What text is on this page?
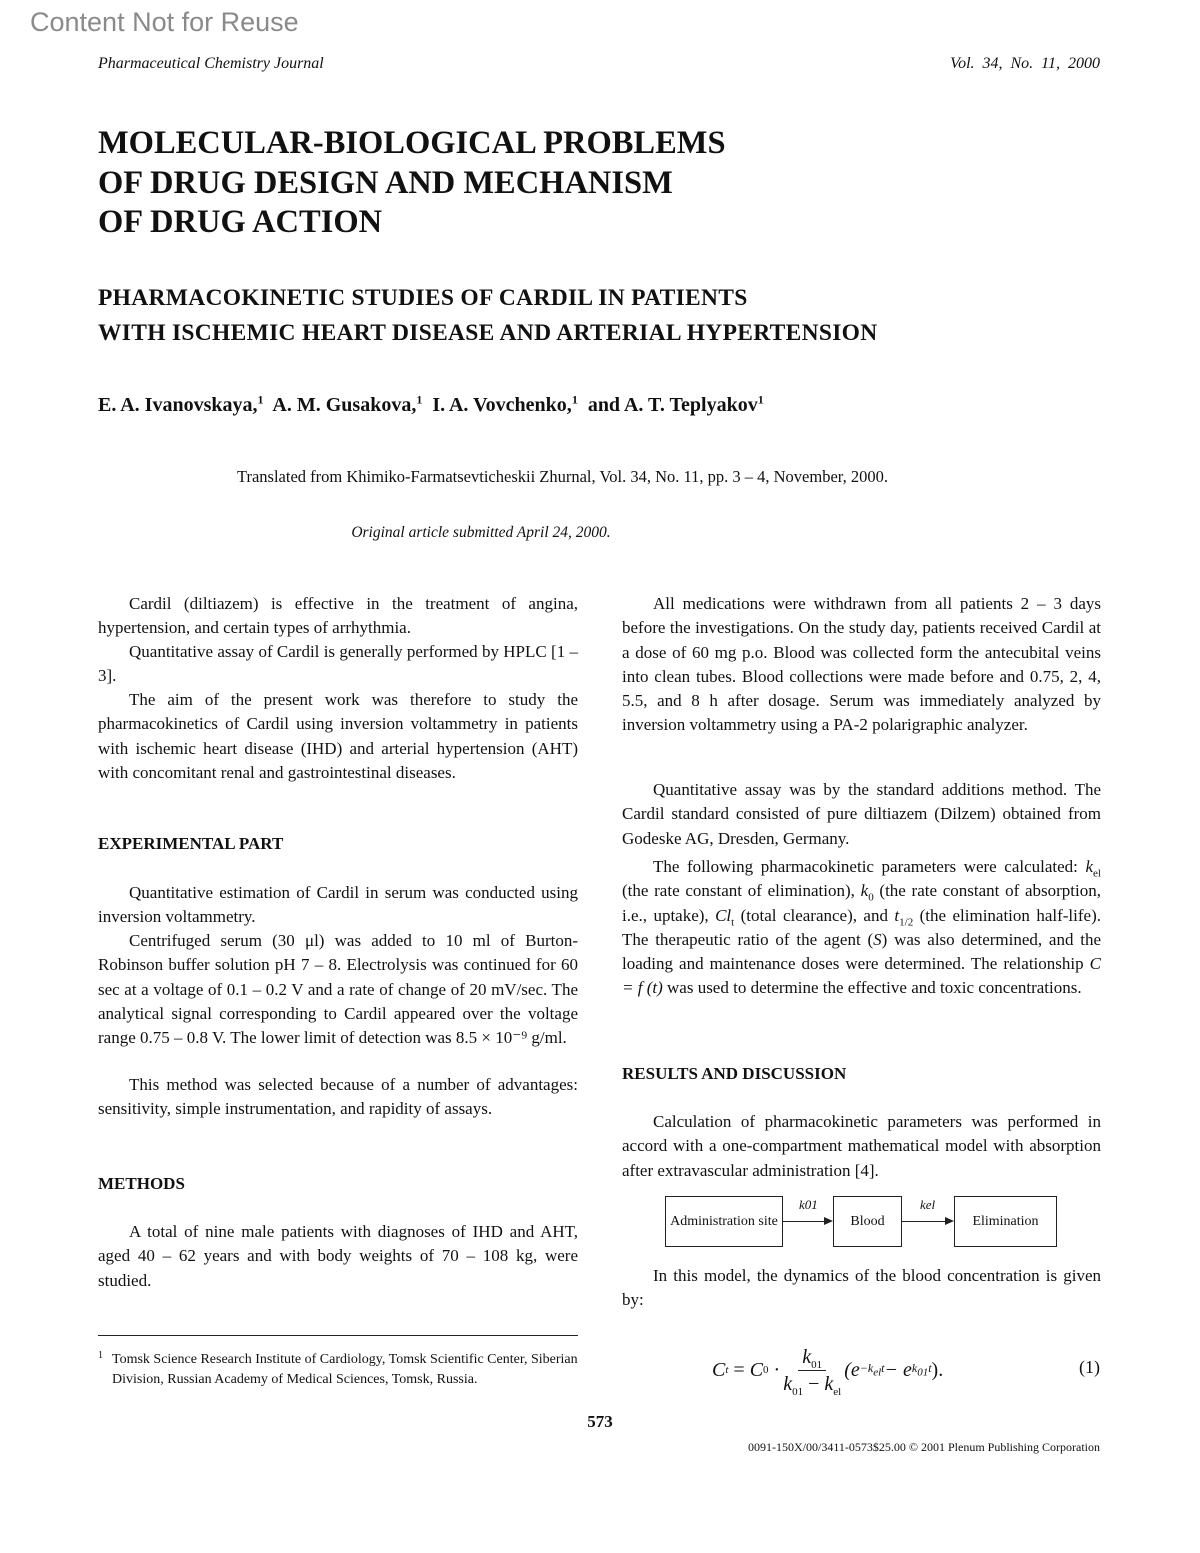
Content Not for Reuse
Pharmaceutical Chemistry Journal	Vol. 34, No. 11, 2000
MOLECULAR-BIOLOGICAL PROBLEMS
OF DRUG DESIGN AND MECHANISM
OF DRUG ACTION
PHARMACOKINETIC STUDIES OF CARDIL IN PATIENTS
WITH ISCHEMIC HEART DISEASE AND ARTERIAL HYPERTENSION
E. A. Ivanovskaya,$^1$ A. M. Gusakova,$^1$ I. A. Vovchenko,$^1$ and A. T. Teplyakov$^1$
Translated from Khimiko-Farmatsevticheskii Zhurnal, Vol. 34, No. 11, pp. 3 – 4, November, 2000.
Original article submitted April 24, 2000.
Cardil (diltiazem) is effective in the treatment of angina, hypertension, and certain types of arrhythmia.
Quantitative assay of Cardil is generally performed by HPLC [1 – 3].
The aim of the present work was therefore to study the pharmacokinetics of Cardil using inversion voltammetry in patients with ischemic heart disease (IHD) and arterial hypertension (AHT) with concomitant renal and gastrointestinal diseases.
EXPERIMENTAL PART
Quantitative estimation of Cardil in serum was conducted using inversion voltammetry.
Centrifuged serum (30 μl) was added to 10 ml of Burton-Robinson buffer solution pH 7 – 8. Electrolysis was continued for 60 sec at a voltage of 0.1 – 0.2 V and a rate of change of 20 mV/sec. The analytical signal corresponding to Cardil appeared over the voltage range 0.75 – 0.8 V. The lower limit of detection was 8.5 × 10⁻⁹ g/ml.
This method was selected because of a number of advantages: sensitivity, simple instrumentation, and rapidity of assays.
METHODS
A total of nine male patients with diagnoses of IHD and AHT, aged 40 – 62 years and with body weights of 70 – 108 kg, were studied.
1 Tomsk Science Research Institute of Cardiology, Tomsk Scientific Center, Siberian Division, Russian Academy of Medical Sciences, Tomsk, Russia.
All medications were withdrawn from all patients 2 – 3 days before the investigations. On the study day, patients received Cardil at a dose of 60 mg p.o. Blood was collected form the antecubital veins into clean tubes. Blood collections were made before and 0.75, 2, 4, 5.5, and 8 h after dosage. Serum was immediately analyzed by inversion voltammetry using a PA-2 polarigraphic analyzer.
Quantitative assay was by the standard additions method. The Cardil standard consisted of pure diltiazem (Dilzem) obtained from Godeske AG, Dresden, Germany.
The following pharmacokinetic parameters were calculated: $k_{el}$ (the rate constant of elimination), $k_0$ (the rate constant of absorption, i.e., uptake), $Cl_t$ (total clearance), and $t_{1/2}$ (the elimination half-life). The therapeutic ratio of the agent (S) was also determined, and the loading and maintenance doses were determined. The relationship C = f (t) was used to determine the effective and toxic concentrations.
RESULTS AND DISCUSSION
Calculation of pharmacokinetic parameters was performed in accord with a one-compartment mathematical model with absorption after extravascular administration [4].
Administration site
k01
Blood
kel
Elimination
In this model, the dynamics of the blood concentration is given by:
C t = C 0 ·
$k_{01}$
$k_{01} - k_{el}$
($e -k_{el}t - e$ $k_{01}t$ ).	(1)
573
0091-150X/00/3411-0573$25.00 © 2001 Plenum Publishing Corporation
